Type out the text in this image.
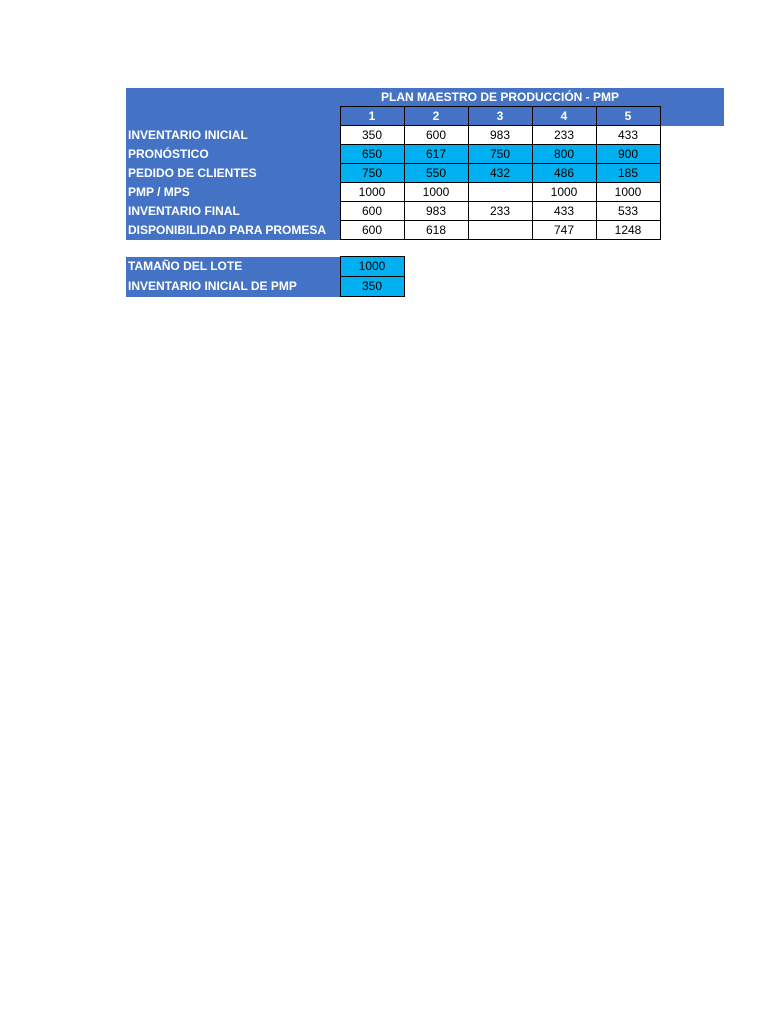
	PLAN MAESTRO DE PRODUCCIÓN - PMP				
	1	2	3	4	5
INVENTARIO INICIAL	350	600	983	233	433
PRONÓSTICO	650	617	750	800	900
PEDIDO DE CLIENTES	750	550	432	486	185
PMP / MPS	1000	1000		1000	1000
INVENTARIO FINAL	600	983	233	433	533
DISPONIBILIDAD PARA PROMESA	600	618		747	1248
TAMAÑO DEL LOTE	1000
INVENTARIO INICIAL DE PMP	350
